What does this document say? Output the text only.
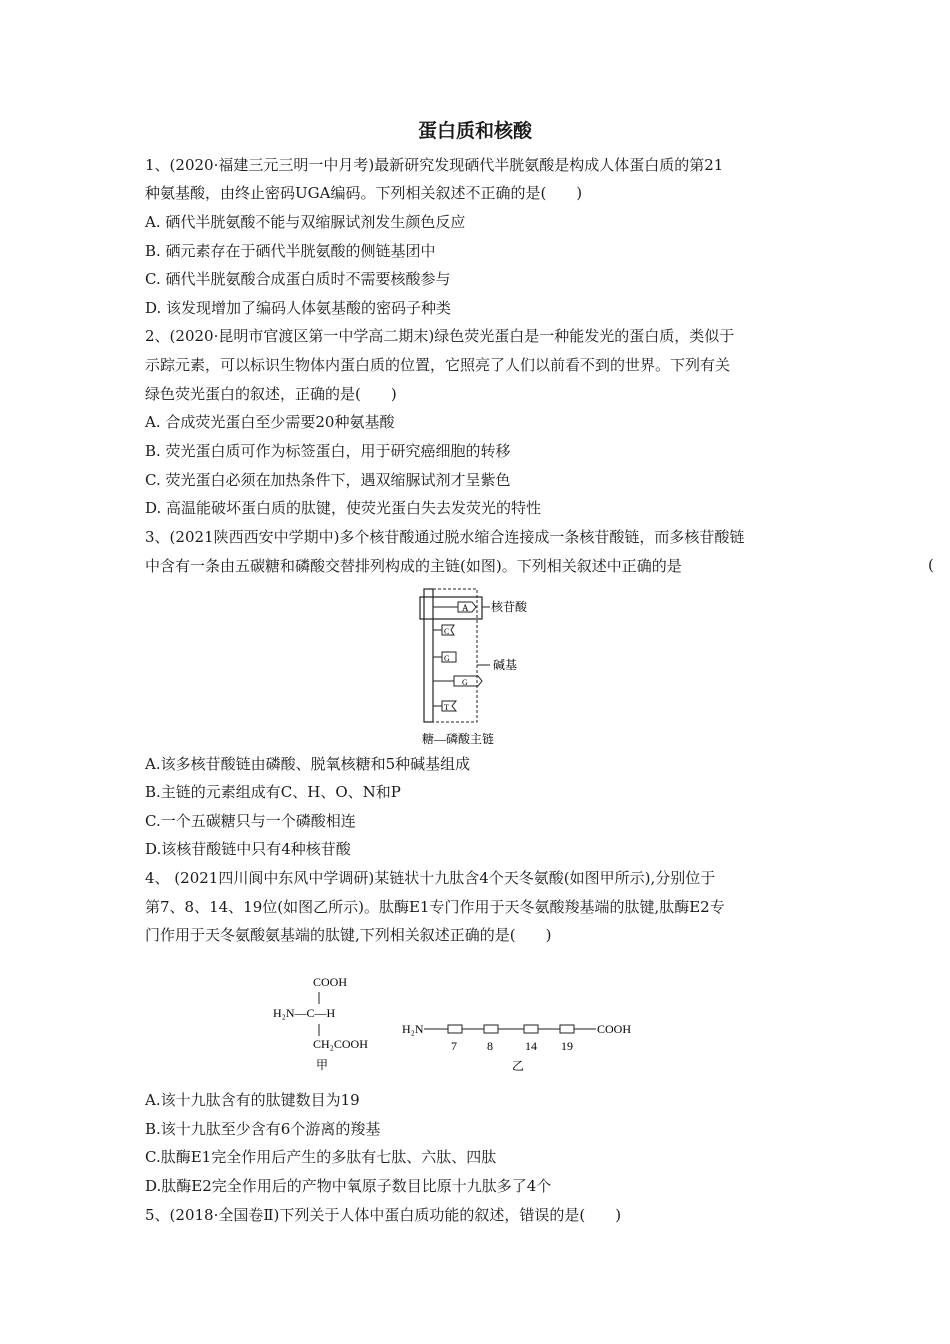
蛋白质和核酸
1、(2020·福建三元三明一中月考)最新研究发现硒代半胱氨酸是构成人体蛋白质的第21
种氨基酸，由终止密码UGA编码。下列相关叙述不正确的是(　　)
A. 硒代半胱氨酸不能与双缩脲试剂发生颜色反应
B. 硒元素存在于硒代半胱氨酸的侧链基团中
C. 硒代半胱氨酸合成蛋白质时不需要核酸参与
D. 该发现增加了编码人体氨基酸的密码子种类
2、(2020·昆明市官渡区第一中学高二期末)绿色荧光蛋白是一种能发光的蛋白质，类似于
示踪元素，可以标识生物体内蛋白质的位置，它照亮了人们以前看不到的世界。下列有关
绿色荧光蛋白的叙述，正确的是(　　)
A. 合成荧光蛋白至少需要20种氨基酸
B. 荧光蛋白质可作为标签蛋白，用于研究癌细胞的转移
C. 荧光蛋白必须在加热条件下，遇双缩脲试剂才呈紫色
D. 高温能破坏蛋白质的肽键，使荧光蛋白失去发荧光的特性
3、(2021陕西西安中学期中)多个核苷酸通过脱水缩合连接成一条核苷酸链，而多核苷酸链
中含有一条由五碳糖和磷酸交替排列构成的主链(如图)。下列相关叙述中正确的是	(
A
C
G
G
T
核苷酸
碱基
糖—磷酸主链
A.该多核苷酸链由磷酸、脱氧核糖和5种碱基组成
B.主链的元素组成有C、H、O、N和P
C.一个五碳糖只与一个磷酸相连
D.该核苷酸链中只有4种核苷酸
4、 (2021四川阆中东风中学调研)某链状十九肽含4个天冬氨酸(如图甲所示),分别位于
第7、8、14、19位(如图乙所示)。肽酶E1专门作用于天冬氨酸羧基端的肽键,肽酶E2专
门作用于天冬氨酸氨基端的肽键,下列相关叙述正确的是(　　)
COOH
H₂N—C—H
CH₂COOH
甲
H₂N	COOH
7	8	14 19
乙
A.该十九肽含有的肽键数目为19
B.该十九肽至少含有6个游离的羧基
C.肽酶E1完全作用后产生的多肽有七肽、六肽、四肽
D.肽酶E2完全作用后的产物中氧原子数目比原十九肽多了4个
5、(2018·全国卷Ⅱ)下列关于人体中蛋白质功能的叙述，错误的是(　　)
